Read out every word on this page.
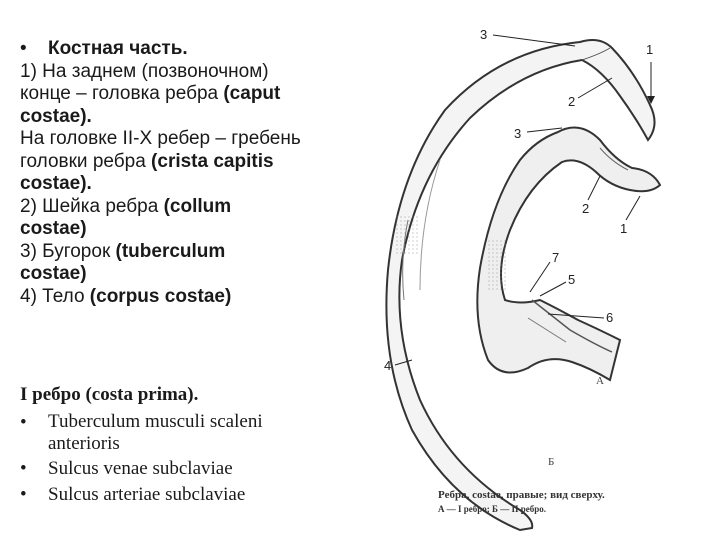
•	Костная часть.

1) На заднем (позвоночном)

конце – головка ребра (caput

costae).

На головке II-X ребер – гребень

головки ребра (crista capitis

costae).

2) Шейка ребра (collum

costae)

3) Бугорок (tuberculum

costae)

4) Тело (corpus costae)

I ребро (costa prima).

•	Tuberculum musculi scaleni anterioris
•	Sulcus venae subclaviae
•	Sulcus arteriae subclaviae
3
1
2
3
2
1
7
5
6
4
А
Б
Ребра, costae, правые; вид сверху.
А — I ребро; Б — II ребро.
